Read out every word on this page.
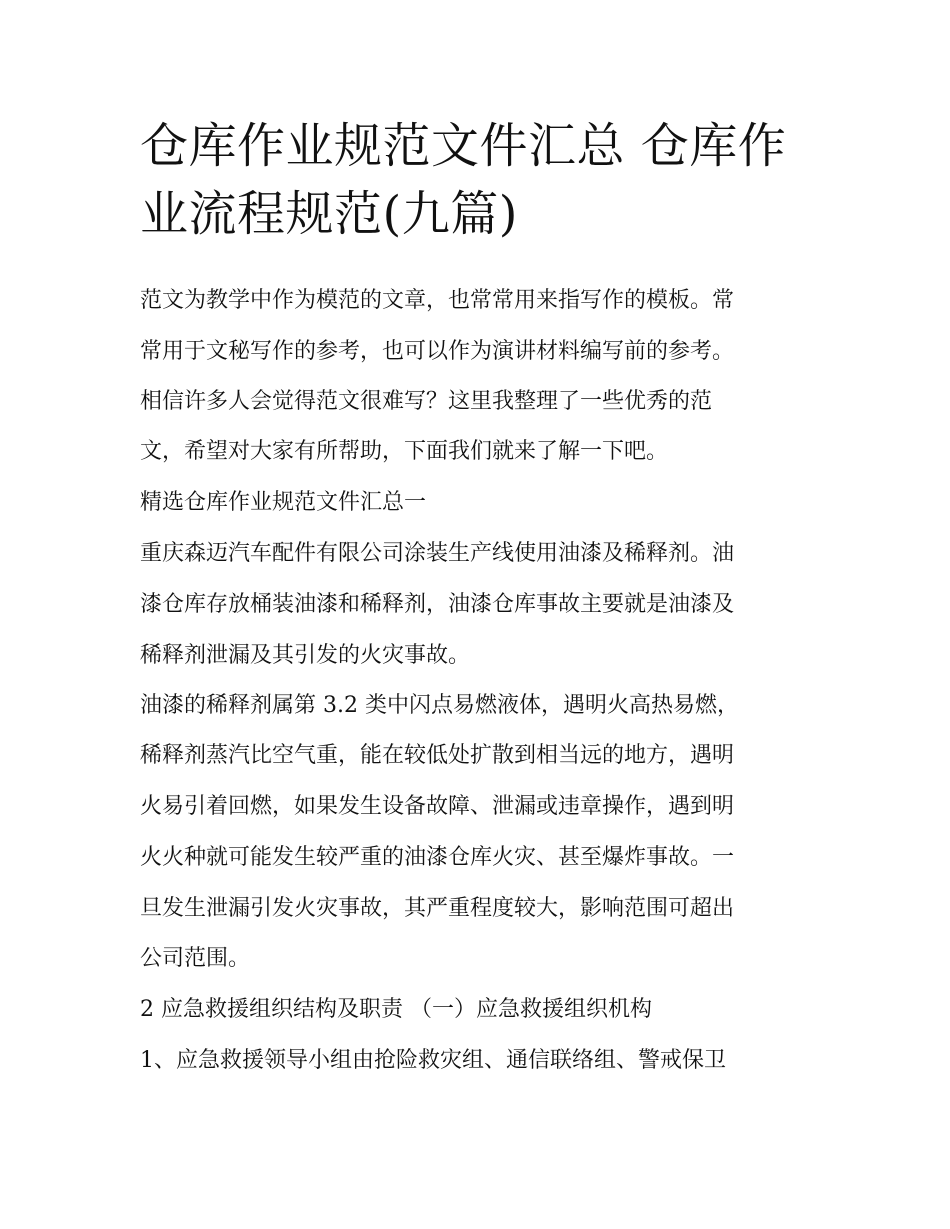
仓库作业规范文件汇总 仓库作业流程规范(九篇)

范文为教学中作为模范的文章，也常常用来指写作的模板。常

常用于文秘写作的参考，也可以作为演讲材料编写前的参考。

相信许多人会觉得范文很难写？这里我整理了一些优秀的范

文，希望对大家有所帮助，下面我们就来了解一下吧。

精选仓库作业规范文件汇总一

重庆森迈汽车配件有限公司涂装生产线使用油漆及稀释剂。油

漆仓库存放桶装油漆和稀释剂，油漆仓库事故主要就是油漆及

稀释剂泄漏及其引发的火灾事故。

油漆的稀释剂属第 3.2 类中闪点易燃液体，遇明火高热易燃，

稀释剂蒸汽比空气重，能在较低处扩散到相当远的地方，遇明

火易引着回燃，如果发生设备故障、泄漏或违章操作，遇到明

火火种就可能发生较严重的油漆仓库火灾、甚至爆炸事故。一

旦发生泄漏引发火灾事故，其严重程度较大，影响范围可超出

公司范围。

2 应急救援组织结构及职责 （一）应急救援组织机构

1、应急救援领导小组由抢险救灾组、通信联络组、警戒保卫
